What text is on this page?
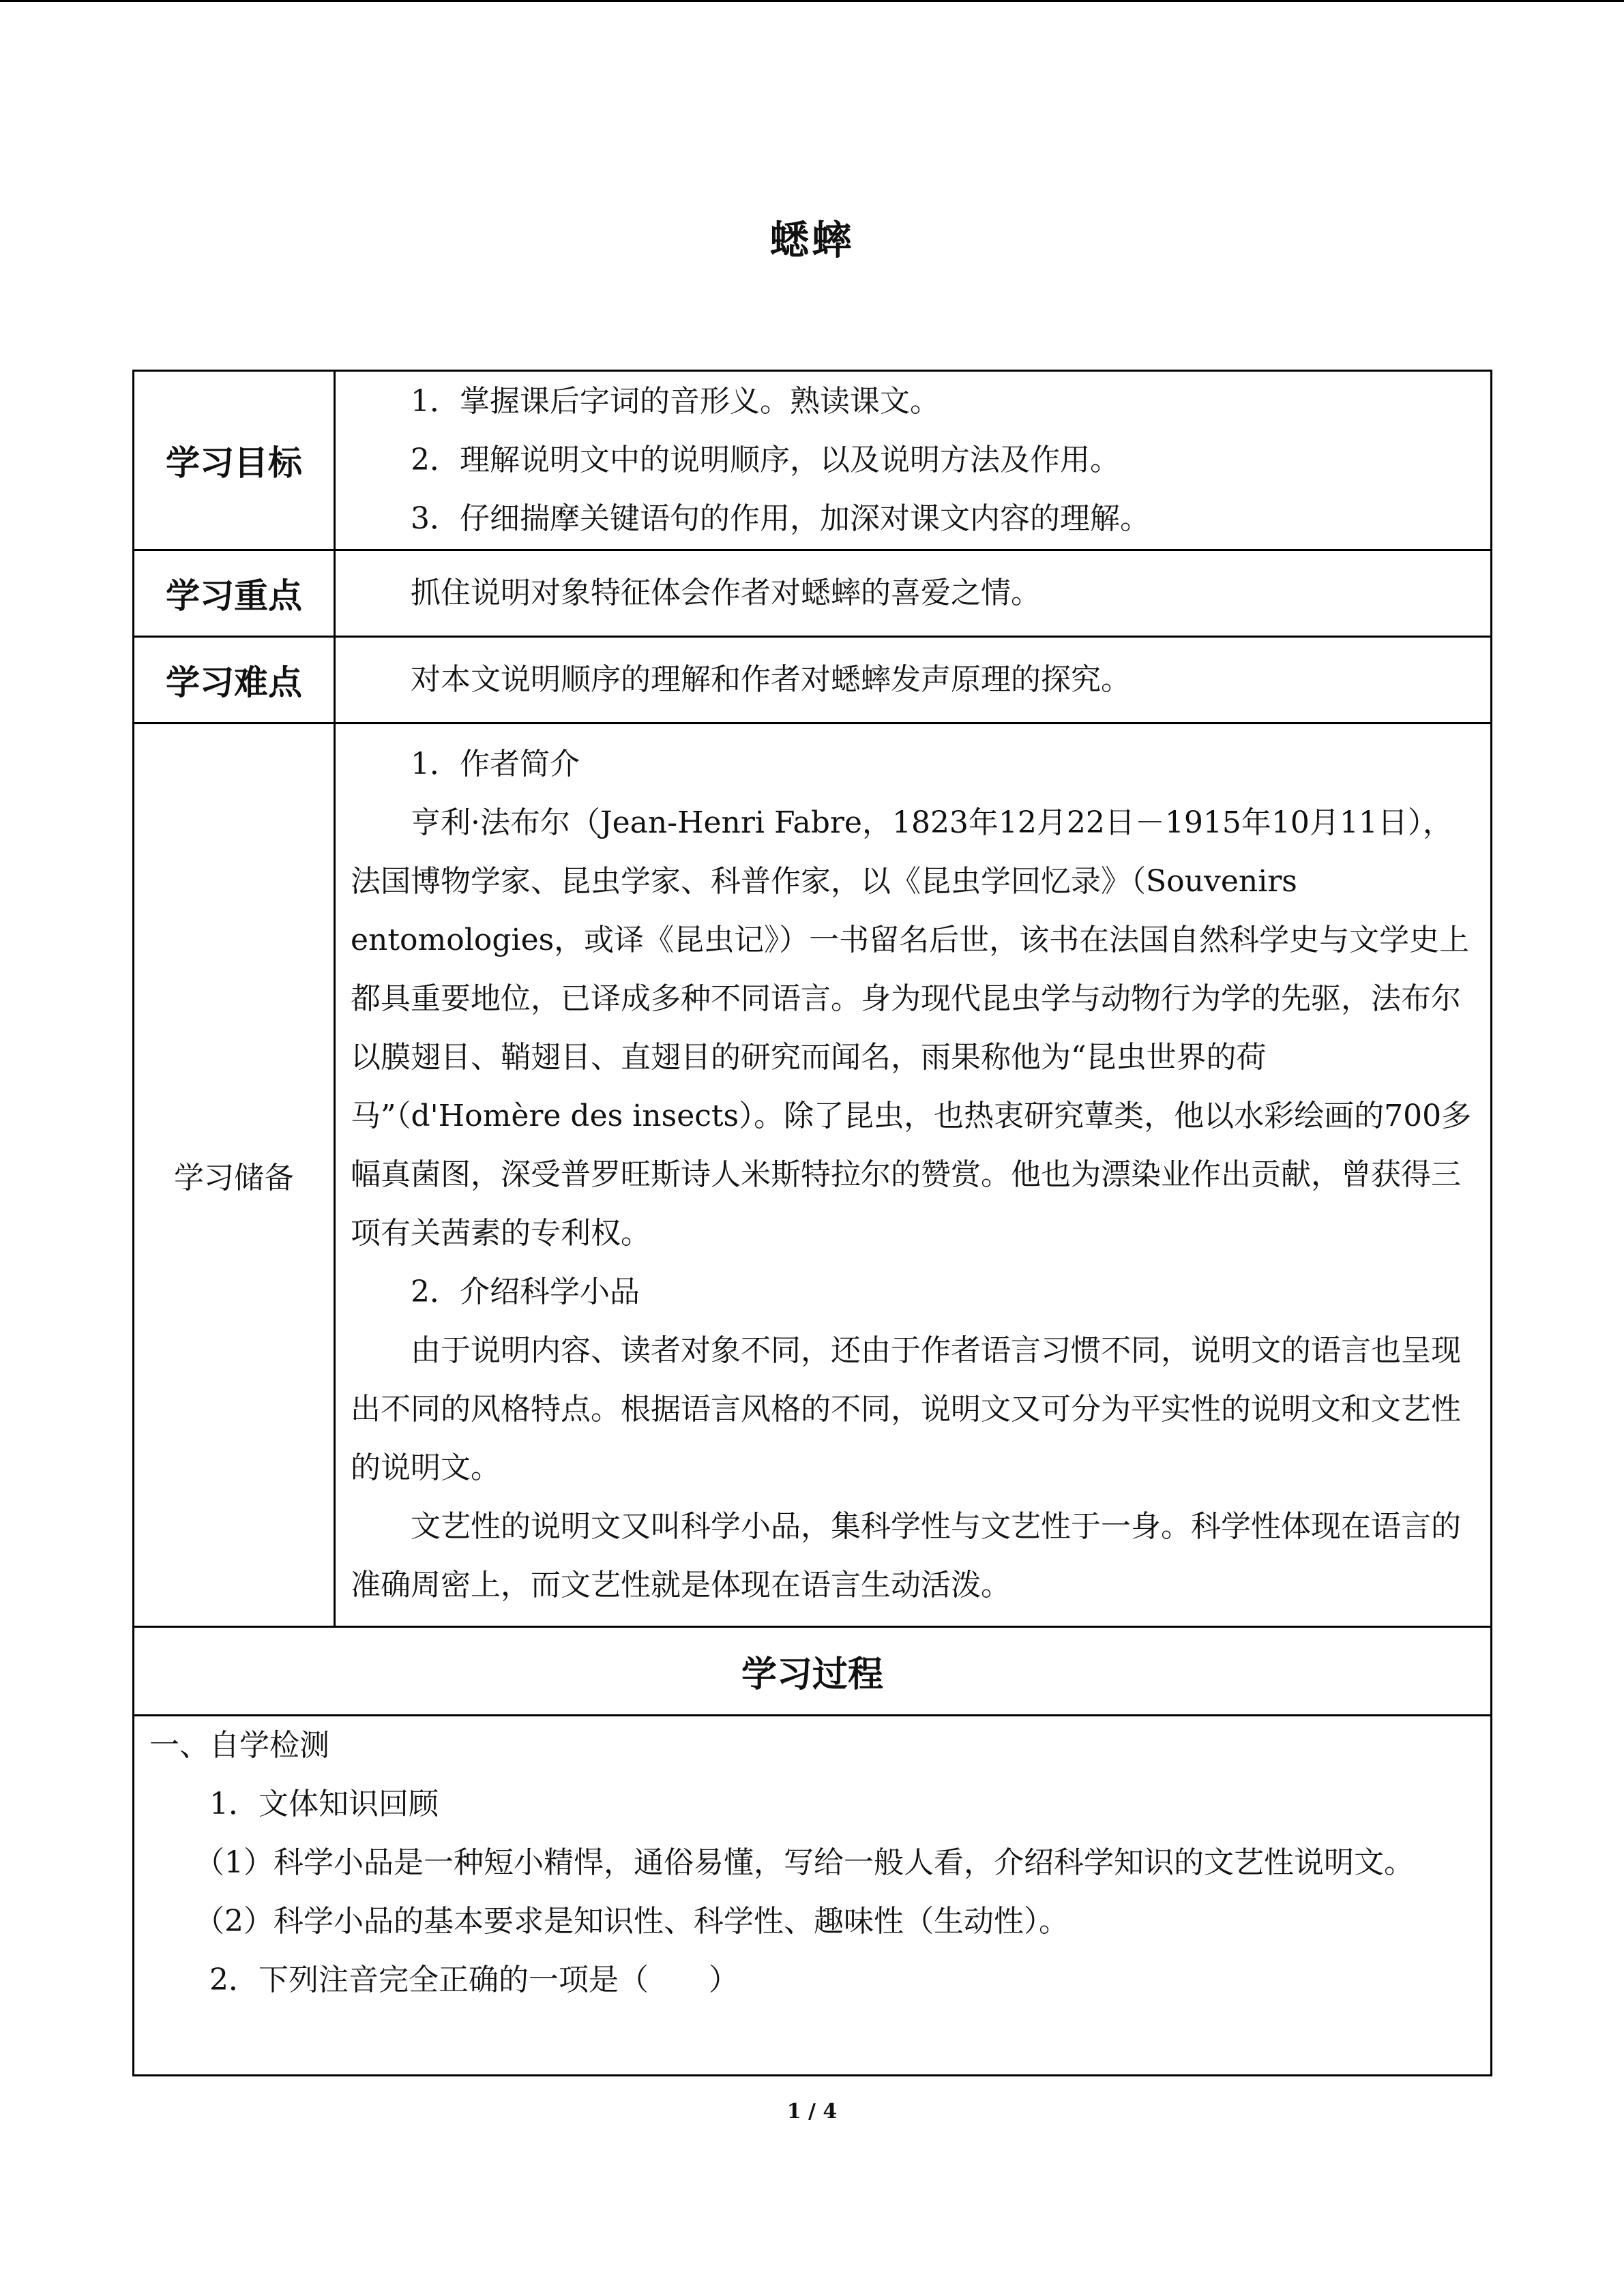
蟋蟀
学习目标	1．掌握课后字词的音形义。熟读课文。

2．理解说明文中的说明顺序，以及说明方法及作用。

3．仔细揣摩关键语句的作用，加深对课文内容的理解。

学习重点	抓住说明对象特征体会作者对蟋蟀的喜爱之情。

学习难点	对本文说明顺序的理解和作者对蟋蟀发声原理的探究。

学习储备	1．作者简介

亨利·法布尔（Jean-Henri Fabre，1823年12月22日－1915年10月11日），法国博物学家、昆虫学家、科普作家，以《昆虫学回忆录》（Souvenirs entomologies，或译《昆虫记》）一书留名后世，该书在法国自然科学史与文学史上都具重要地位，已译成多种不同语言。身为现代昆虫学与动物行为学的先驱，法布尔以膜翅目、鞘翅目、直翅目的研究而闻名，雨果称他为“昆虫世界的荷马”（d'Homère des insects）。除了昆虫，也热衷研究蕈类，他以水彩绘画的700多幅真菌图，深受普罗旺斯诗人米斯特拉尔的赞赏。他也为漂染业作出贡献，曾获得三项有关茜素的专利权。

2．介绍科学小品

由于说明内容、读者对象不同，还由于作者语言习惯不同，说明文的语言也呈现出不同的风格特点。根据语言风格的不同，说明文又可分为平实性的说明文和文艺性的说明文。

文艺性的说明文又叫科学小品，集科学性与文艺性于一身。科学性体现在语言的准确周密上，而文艺性就是体现在语言生动活泼。

学习过程	

一、自学检测

1．文体知识回顾

（1）科学小品是一种短小精悍，通俗易懂，写给一般人看，介绍科学知识的文艺性说明文。

（2）科学小品的基本要求是知识性、科学性、趣味性（生动性）。

2．下列注音完全正确的一项是（　　）	

1 / 4
